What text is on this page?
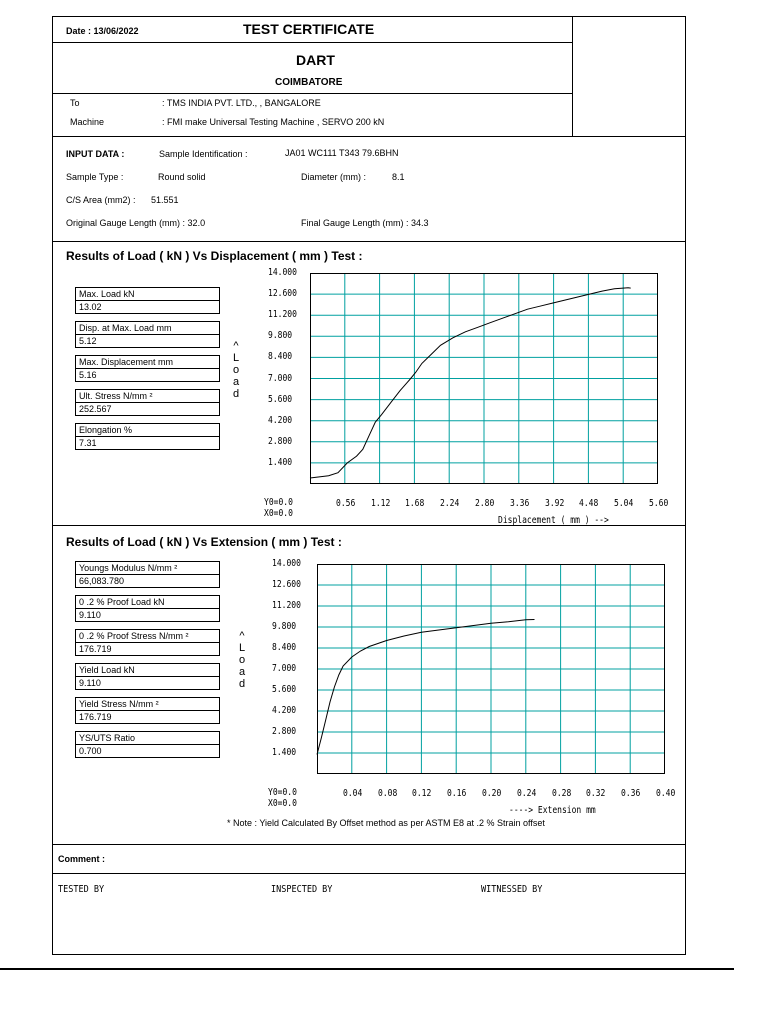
Date : 13/06/2022	TEST CERTIFICATE
DART
COIMBATORE
To	: TMS INDIA PVT. LTD., , BANGALORE
Machine	: FMI make Universal Testing Machine , SERVO 200 kN
INPUT DATA :	Sample Identification :	JA01 WC111 T343 79.6BHN
Sample Type :	Round solid	Diameter (mm) :	8.1
C/S Area (mm2) : 51.551
Original Gauge Length (mm) : 32.0	Final Gauge Length (mm) : 34.3
Results of Load ( kN ) Vs Displacement ( mm ) Test :
Max. Load kN
13.02
Disp. at Max. Load mm
5.12
Max. Displacement mm
5.16
Ult. Stress N/mm ²
252.567
Elongation %
7.31
14.000
12.600
11.200
9.800
8.400
7.000
5.600
4.200
2.800
1.400
0.56 1.12 1.68 2.24 2.80 3.36 3.92 4.48 5.04 5.60
Y0=0.0
X0=0.0
^
L
o
a
d
Displacement ( mm ) -->
Results of Load ( kN ) Vs Extension ( mm ) Test :
Youngs Modulus N/mm ²
66,083.780
0 .2 % Proof Load kN
9.110
0 .2 % Proof Stress N/mm ²
176.719
Yield Load kN
9.110
Yield Stress N/mm ²
176.719
YS/UTS Ratio
0.700
14.000
12.600
11.200
9.800
8.400
7.000
5.600
4.200
2.800
1.400
0.04 0.08 0.12 0.16 0.20 0.24 0.28 0.32 0.36 0.40
Y0=0.0
X0=0.0
^
L
o
a
d
----> Extension mm
* Note : Yield Calculated By Offset method as per ASTM E8 at .2 % Strain offset
Comment :
TESTED BY	INSPECTED BY	WITNESSED BY
